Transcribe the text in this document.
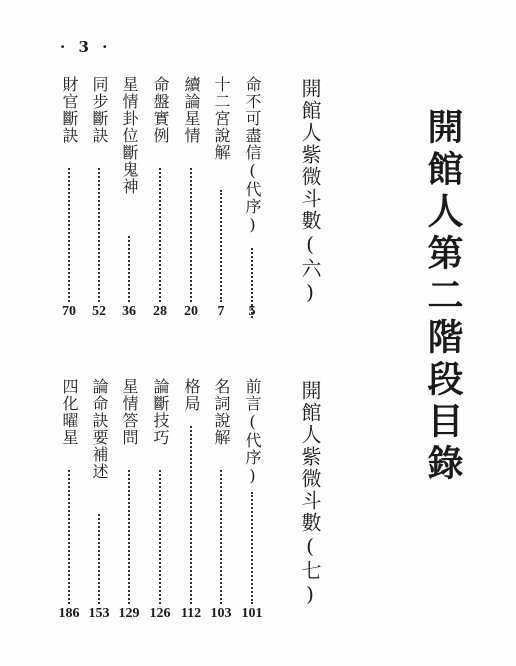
· 3 ·
開館人第二階段目錄
開館人紫微斗數(六)
開館人紫微斗數(七)
命不可盡信(代序)
十二宮說解
續論星情
命盤實例
星情卦位斷鬼神
同步斷訣
財官斷訣
5
7
20
28
36
52
70
前言(代序)
名詞說解
格局
論斷技巧
星情答問
論命訣要補述
四化曜星
101
103
112
126
129
153
186
